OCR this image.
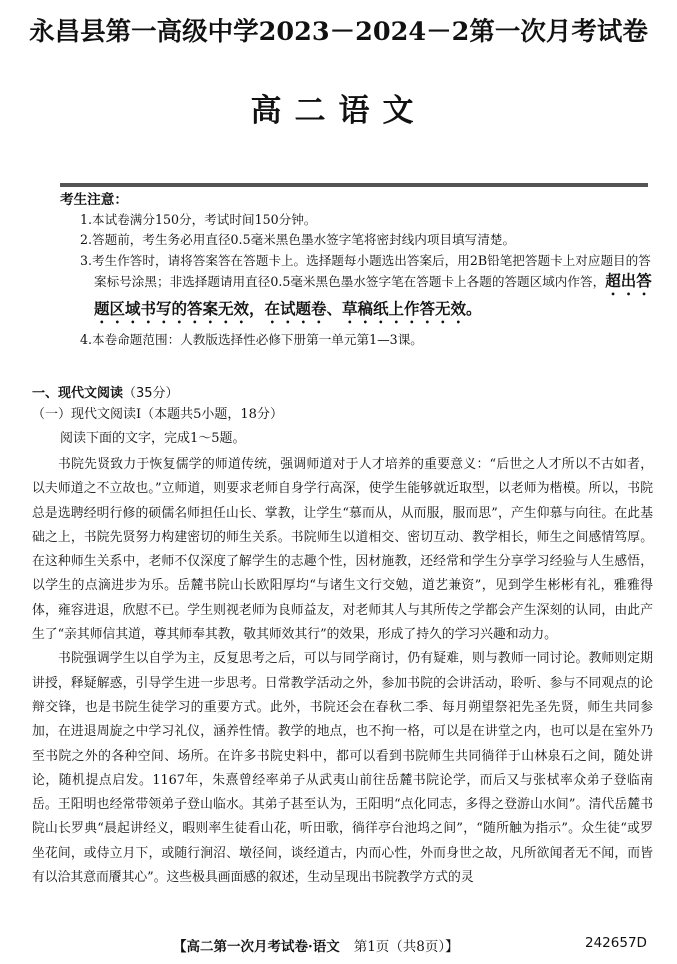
永昌县第一高级中学2023－2024－2第一次月考试卷
高二语文
考生注意：
1.本试卷满分150分，考试时间150分钟。
2.答题前，考生务必用直径0.5毫米黑色墨水签字笔将密封线内项目填写清楚。
3.考生作答时，请将答案答在答题卡上。选择题每小题选出答案后，用2B铅笔把答题卡上对应题目的答案标号涂黑；非选择题请用直径0.5毫米黑色墨水签字笔在答题卡上各题的答题区域内作答，超出答题区域书写的答案无效，在试题卷、草稿纸上作答无效。
4.本卷命题范围：人教版选择性必修下册第一单元第1—3课。
一、现代文阅读（35分）
（一）现代文阅读Ⅰ（本题共5小题，18分）
阅读下面的文字，完成1～5题。

书院先贤致力于恢复儒学的师道传统，强调师道对于人才培养的重要意义：“后世之人才所以不古如者，以夫师道之不立故也。”立师道，则要求老师自身学行高深，使学生能够就近取型，以老师为楷模。所以，书院总是选聘经明行修的硕儒名师担任山长、掌教，让学生“慕而从，从而服，服而思”，产生仰慕与向往。在此基础之上，书院先贤努力构建密切的师生关系。书院师生以道相交、密切互动、教学相长，师生之间感情笃厚。在这种师生关系中，老师不仅深度了解学生的志趣个性，因材施教，还经常和学生分享学习经验与人生感悟，以学生的点滴进步为乐。岳麓书院山长欧阳厚均“与诸生文行交勉，道艺兼资”，见到学生彬彬有礼，雅雅得体，雍容进退，欣慰不已。学生则视老师为良师益友，对老师其人与其所传之学都会产生深刻的认同，由此产生了“亲其师信其道，尊其师奉其教，敬其师效其行”的效果，形成了持久的学习兴趣和动力。

书院强调学生以自学为主，反复思考之后，可以与同学商讨，仍有疑难，则与教师一同讨论。教师则定期讲授，释疑解惑，引导学生进一步思考。日常教学活动之外，参加书院的会讲活动，聆听、参与不同观点的论辩交锋，也是书院生徒学习的重要方式。此外，书院还会在春秋二季、每月朔望祭祀先圣先贤，师生共同参加，在进退周旋之中学习礼仪，涵养性情。教学的地点，也不拘一格，可以是在讲堂之内，也可以是在室外乃至书院之外的各种空间、场所。在许多书院史料中，都可以看到书院师生共同徜徉于山林泉石之间，随处讲论，随机提点启发。1167年，朱熹曾经率弟子从武夷山前往岳麓书院论学，而后又与张栻率众弟子登临南岳。王阳明也经常带领弟子登山临水。其弟子甚至认为，王阳明“点化同志，多得之登游山水间”。清代岳麓书院山长罗典“晨起讲经义，暇则率生徒看山花，听田歌，徜徉亭台池坞之间”，“随所触为指示”。众生徒“或罗坐花间，或侍立月下，或随行涧沼、墩径间，谈经道古，内而心性，外而身世之故，凡所欲闻者无不闻，而皆有以洽其意而餍其心”。这些极具画面感的叙述，生动呈现出书院教学方式的灵

【高二第一次月考试卷·语文 第1页（共8页）】	242657D
